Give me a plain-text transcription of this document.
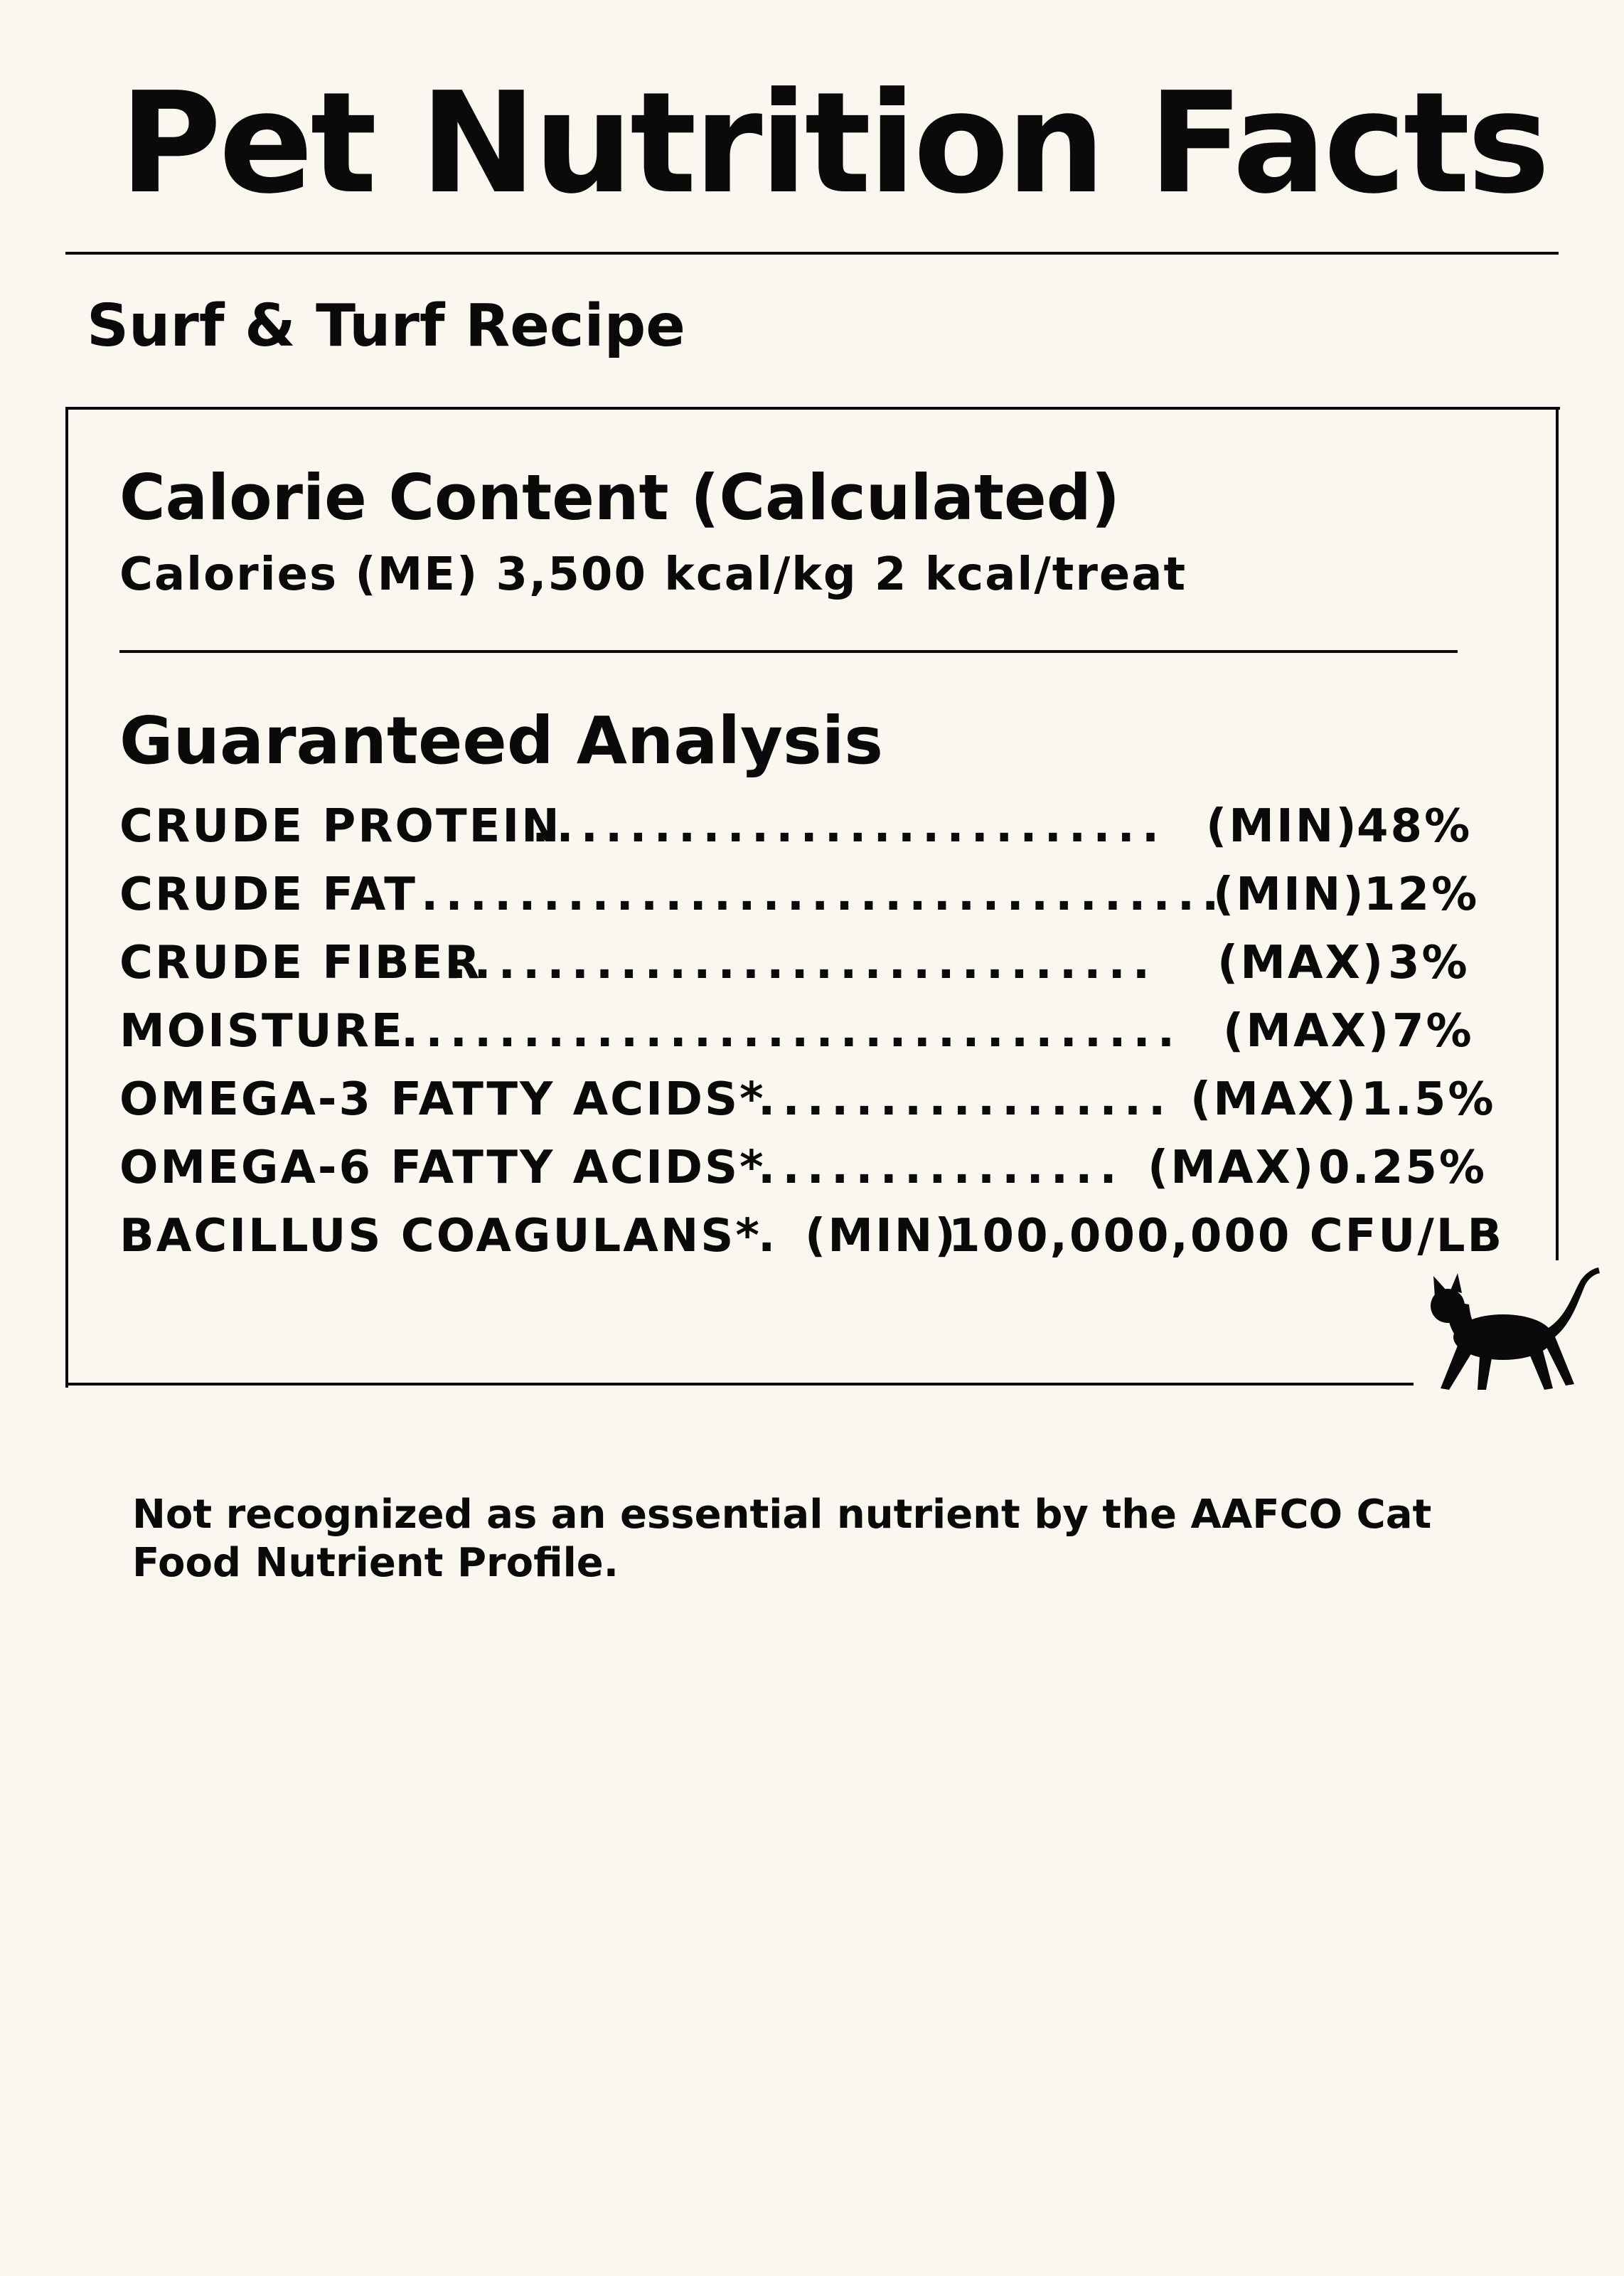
Pet Nutrition Facts
Surf & Turf Recipe
Calorie Content (Calculated)
Calories (ME) 3,500 kcal/kg 2 kcal/treat
Guaranteed Analysis
CRUDE PROTEIN
.......................... (MIN)
48%
CRUDE FAT .................................
(MIN)
12%
CRUDE FIBER
............................. (MAX) 3%
MOISTURE
................................ (MAX) 7%
OMEGA-3 FATTY ACIDS*
................. (MAX) 1.5%
OMEGA-6 FATTY ACIDS*
............... (MAX) 0.25%
BACILLUS COAGULANS*
. (MIN)
100,000,000 CFU/LB
Not recognized as an essential nutrient by the AAFCO Cat Food Nutrient Profile.
